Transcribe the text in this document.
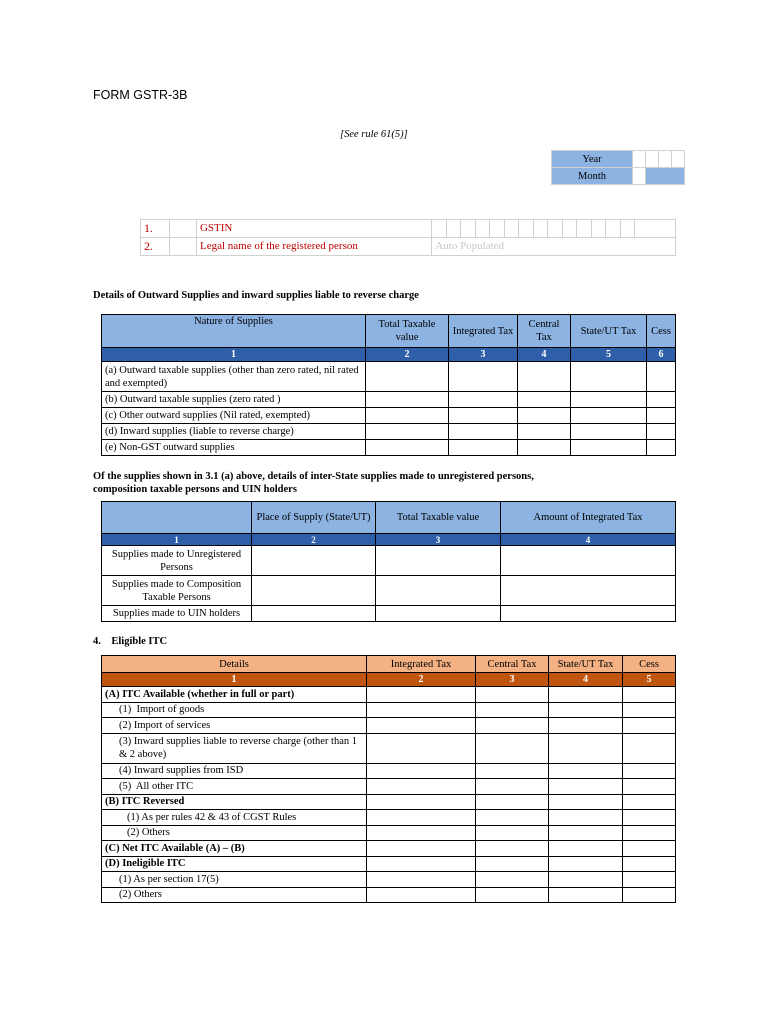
FORM GSTR-3B
[See rule 61(5)]
Year				
Month				
1.		GSTIN															
2.		Legal name of the registered person	Auto Populated														
Details of Outward Supplies and inward supplies liable to reverse charge
Nature of Supplies	Total Taxable value	Integrated Tax	Central Tax	State/UT Tax	Cess
1	2	3	4	5	6
(a) Outward taxable supplies (other than zero rated, nil rated and exempted)					
(b) Outward taxable supplies (zero rated )					
(c) Other outward supplies (Nil rated, exempted)					
(d) Inward supplies (liable to reverse charge)					
(e) Non-GST outward supplies					
Of the supplies shown in 3.1 (a) above, details of inter-State supplies made to unregistered persons,
composition taxable persons and UIN holders
	Place of Supply (State/UT)	Total Taxable value	Amount of Integrated Tax
1	2	3	4
Supplies made to Unregistered Persons			
Supplies made to Composition Taxable Persons			
Supplies made to UIN holders			
4.    Eligible ITC
Details	Integrated Tax	Central Tax	State/UT Tax	Cess
1	2	3	4	5
(A) ITC Available (whether in full or part)				
(1)  Import of goods				
(2) Import of services				
(3) Inward supplies liable to reverse charge (other than 1 & 2 above)				
(4) Inward supplies from ISD				
(5)  All other ITC				
(B) ITC Reversed				
(1) As per rules 42 & 43 of CGST Rules				
(2) Others				
(C) Net ITC Available (A) – (B)				
(D) Ineligible ITC				
(1) As per section 17(5)				
(2) Others				
